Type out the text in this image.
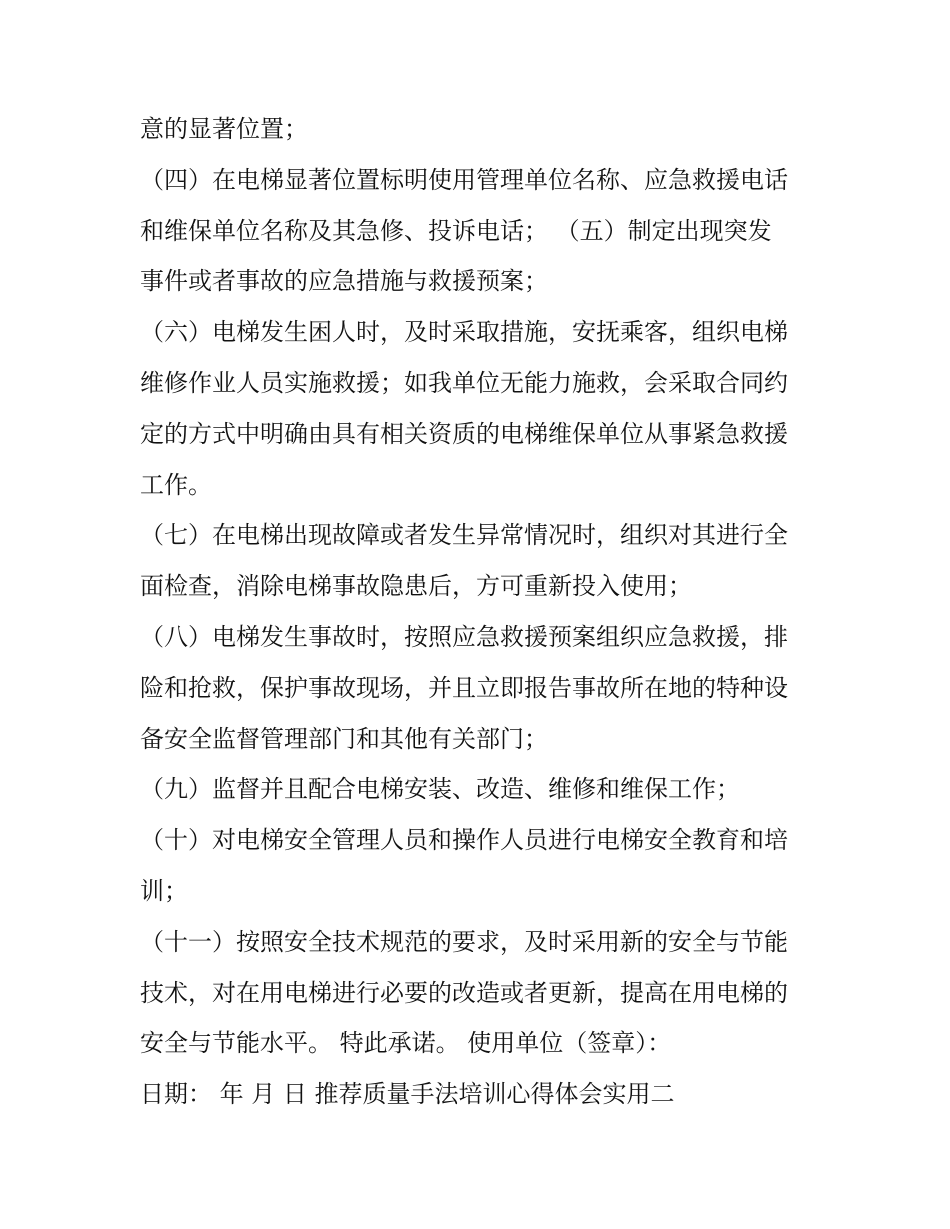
意的显著位置；

（四）在电梯显著位置标明使用管理单位名称、应急救援电话

和维保单位名称及其急修、投诉电话； （五）制定出现突发

事件或者事故的应急措施与救援预案；

（六）电梯发生困人时，及时采取措施，安抚乘客，组织电梯

维修作业人员实施救援；如我单位无能力施救，会采取合同约

定的方式中明确由具有相关资质的电梯维保单位从事紧急救援

工作。

（七）在电梯出现故障或者发生异常情况时，组织对其进行全

面检查，消除电梯事故隐患后，方可重新投入使用；

（八）电梯发生事故时，按照应急救援预案组织应急救援，排

险和抢救，保护事故现场，并且立即报告事故所在地的特种设

备安全监督管理部门和其他有关部门；

（九）监督并且配合电梯安装、改造、维修和维保工作；

（十）对电梯安全管理人员和操作人员进行电梯安全教育和培

训；

（十一）按照安全技术规范的要求，及时采用新的安全与节能

技术，对在用电梯进行必要的改造或者更新，提高在用电梯的

安全与节能水平。 特此承诺。 使用单位（签章）：

日期： 年 月 日 推荐质量手法培训心得体会实用二
